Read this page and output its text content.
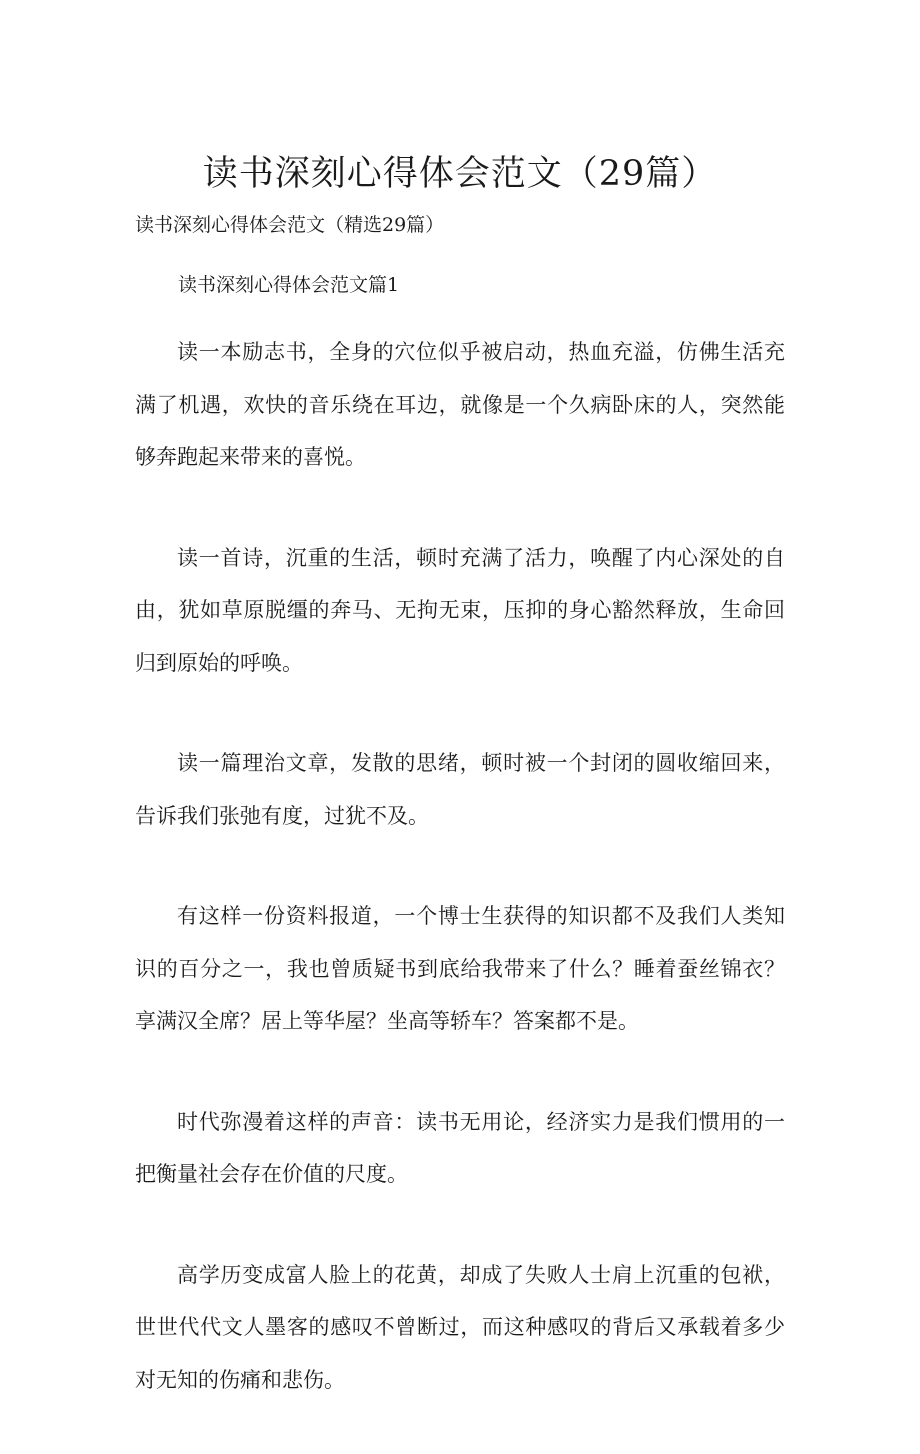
读书深刻心得体会范文（29篇）

读书深刻心得体会范文（精选29篇）

读书深刻心得体会范文篇1

读一本励志书，全身的穴位似乎被启动，热血充溢，仿佛生活充满了机遇，欢快的音乐绕在耳边，就像是一个久病卧床的人，突然能够奔跑起来带来的喜悦。

读一首诗，沉重的生活，顿时充满了活力，唤醒了内心深处的自由，犹如草原脱缰的奔马、无拘无束，压抑的身心豁然释放，生命回归到原始的呼唤。

读一篇理治文章，发散的思绪，顿时被一个封闭的圆收缩回来，告诉我们张弛有度，过犹不及。

有这样一份资料报道，一个博士生获得的知识都不及我们人类知识的百分之一，我也曾质疑书到底给我带来了什么？睡着蚕丝锦衣？享满汉全席？居上等华屋？坐高等轿车？答案都不是。

时代弥漫着这样的声音：读书无用论，经济实力是我们惯用的一把衡量社会存在价值的尺度。

高学历变成富人脸上的花黄，却成了失败人士肩上沉重的包袱，世世代代文人墨客的感叹不曾断过，而这种感叹的背后又承载着多少对无知的伤痛和悲伤。
